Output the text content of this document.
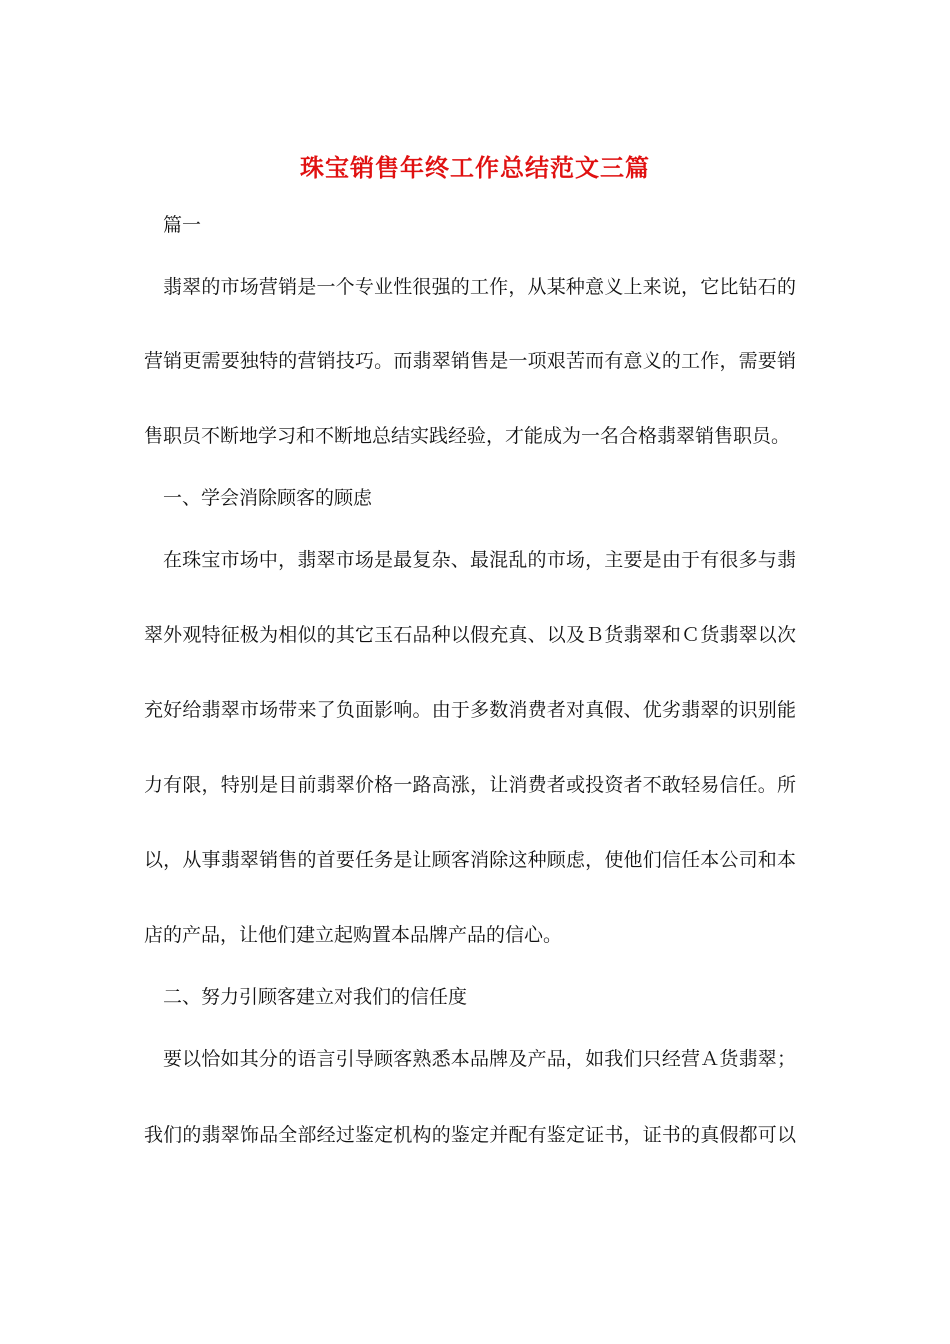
珠宝销售年终工作总结范文三篇
篇一
翡翠的市场营销是一个专业性很强的工作，从某种意义上来说，它比钻石的
营销更需要独特的营销技巧。而翡翠销售是一项艰苦而有意义的工作，需要销
售职员不断地学习和不断地总结实践经验，才能成为一名合格翡翠销售职员。
一、学会消除顾客的顾虑
在珠宝市场中，翡翠市场是最复杂、最混乱的市场，主要是由于有很多与翡
翠外观特征极为相似的其它玉石品种以假充真、以及Ｂ货翡翠和Ｃ货翡翠以次
充好给翡翠市场带来了负面影响。由于多数消费者对真假、优劣翡翠的识别能
力有限，特别是目前翡翠价格一路高涨，让消费者或投资者不敢轻易信任。所
以，从事翡翠销售的首要任务是让顾客消除这种顾虑，使他们信任本公司和本
店的产品，让他们建立起购置本品牌产品的信心。
二、努力引顾客建立对我们的信任度
要以恰如其分的语言引导顾客熟悉本品牌及产品，如我们只经营Ａ货翡翠；
我们的翡翠饰品全部经过鉴定机构的鉴定并配有鉴定证书，证书的真假都可以
